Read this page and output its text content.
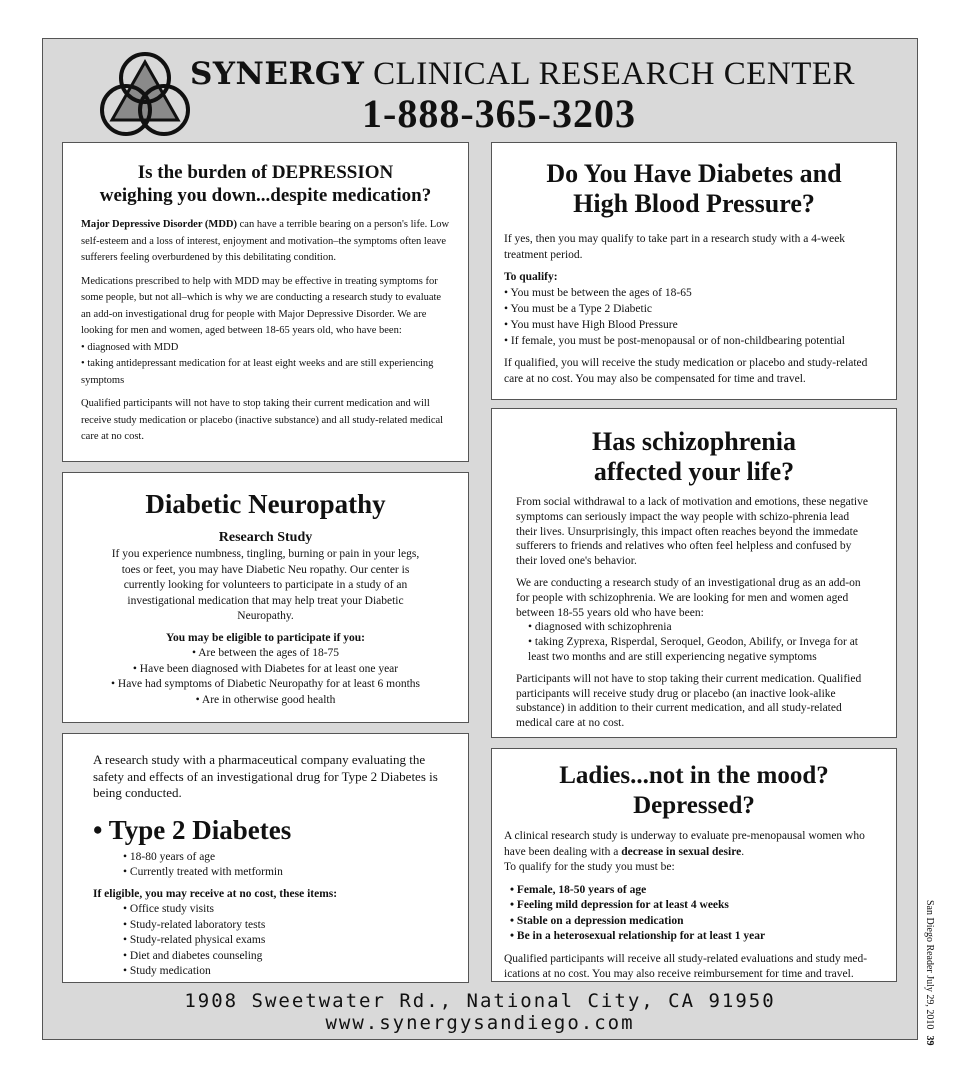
SYNERGY CLINICAL RESEARCH CENTER
1-888-365-3203
Is the burden of DEPRESSION
weighing you down...despite medication?

Major Depressive Disorder (MDD) can have a terrible bearing on a person's life. Low self-esteem and a loss of interest, enjoyment and motivation–the symptoms often leave sufferers feeling overburdened by this debilitating condition.

Medications prescribed to help with MDD may be effective in treating symptoms for some people, but not all–which is why we are conducting a research study to evaluate an add-on investigational drug for people with Major Depressive Disorder. We are looking for men and women, aged between 18-65 years old, who have been:

• diagnosed with MDD
• taking antidepressant medication for at least eight weeks and are still experiencing symptoms

Qualified participants will not have to stop taking their current medication and will receive study medication or placebo (inactive substance) and all study-related medical care at no cost.

Do You Have Diabetes and
High Blood Pressure?

If yes, then you may qualify to take part in a research study with a 4-week treatment period.

To qualify:

• You must be between the ages of 18-65
• You must be a Type 2 Diabetic
• You must have High Blood Pressure
• If female, you must be post-menopausal or of non-childbearing potential

If qualified, you will receive the study medication or placebo and study-related care at no cost. You may also be compensated for time and travel.

Diabetic Neuropathy
Research Study

If you experience numbness, tingling, burning or pain in your legs, toes or feet, you may have Diabetic Neu ropathy. Our center is currently looking for volunteers to participate in a study of an investigational medication that may help treat your Diabetic Neuropathy.

You may be eligible to participate if you:

• Are between the ages of 18-75
• Have been diagnosed with Diabetes for at least one year
• Have had symptoms of Diabetic Neuropathy for at least 6 months
• Are in otherwise good health
Has schizophrenia
affected your life?

From social withdrawal to a lack of motivation and emotions, these negative symptoms can seriously impact the way people with schizo-phrenia lead their lives. Unsurprisingly, this impact often reaches beyond the immedate sufferers to friends and relatives who often feel helpless and confused by their loved one's behavior.

We are conducting a research study of an investigational drug as an add-on for people with schizophrenia. We are looking for men and women aged between 18-55 years old who have been:

• diagnosed with schizophrenia
• taking Zyprexa, Risperdal, Seroquel, Geodon, Abilify, or Invega for at least two months and are still experiencing negative symptoms

Participants will not have to stop taking their current medication. Qualified participants will receive study drug or placebo (an inactive look-alike substance) in addition to their current medication, and all study-related medical care at no cost.

A research study with a pharmaceutical company evaluating the safety and effects of an investigational drug for Type 2 Diabetes is being conducted.

• Type 2 Diabetes
• 18-80 years of age
• Currently treated with metformin

If eligible, you may receive at no cost, these items:

• Office study visits
• Study-related laboratory tests
• Study-related physical exams
• Diet and diabetes counseling
• Study medication
Ladies...not in the mood?
Depressed?

A clinical research study is underway to evaluate pre-menopausal women who have been dealing with a decrease in sexual desire.

To qualify for the study you must be:

• Female, 18-50 years of age
• Feeling mild depression for at least 4 weeks
• Stable on a depression medication
• Be in a heterosexual relationship for at least 1 year

Qualified participants will receive all study-related evaluations and study med-ications at no cost. You may also receive reimbursement for time and travel.

1908 Sweetwater Rd., National City, CA 91950
www.synergysandiego.com	San Diego Reader July 29, 201039
